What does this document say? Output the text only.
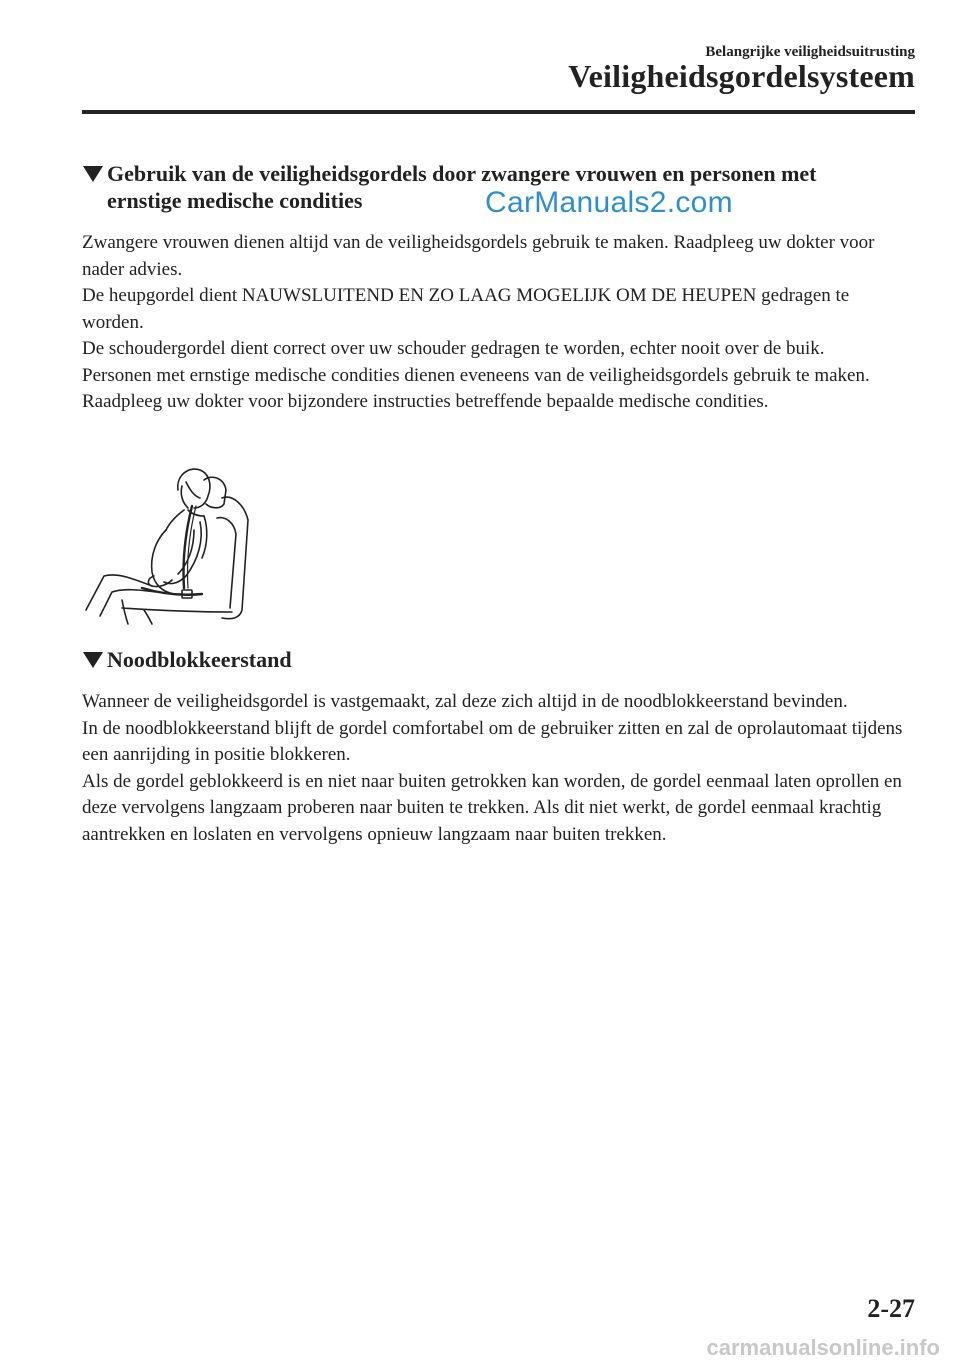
Belangrijke veiligheidsuitrusting
Veiligheidsgordelsysteem
Gebruik van de veiligheidsgordels door zwangere vrouwen en personen met
ernstige medische condities

Zwangere vrouwen dienen altijd van de veiligheidsgordels gebruik te maken. Raadpleeg uw dokter voor nader advies.

De heupgordel dient NAUWSLUITEND EN ZO LAAG MOGELIJK OM DE HEUPEN gedragen te worden.

De schoudergordel dient correct over uw schouder gedragen te worden, echter nooit over de buik.

Personen met ernstige medische condities dienen eveneens van de veiligheidsgordels gebruik te maken. Raadpleeg uw dokter voor bijzondere instructies betreffende bepaalde medische condities.

CarManuals2.com
Noodblokkeerstand

Wanneer de veiligheidsgordel is vastgemaakt, zal deze zich altijd in de noodblokkeerstand bevinden.

In de noodblokkeerstand blijft de gordel comfortabel om de gebruiker zitten en zal de oprolautomaat tijdens een aanrijding in positie blokkeren.

Als de gordel geblokkeerd is en niet naar buiten getrokken kan worden, de gordel eenmaal laten oprollen en deze vervolgens langzaam proberen naar buiten te trekken. Als dit niet werkt, de gordel eenmaal krachtig aantrekken en loslaten en vervolgens opnieuw langzaam naar buiten trekken.

2-27
carmanualsonline.info
